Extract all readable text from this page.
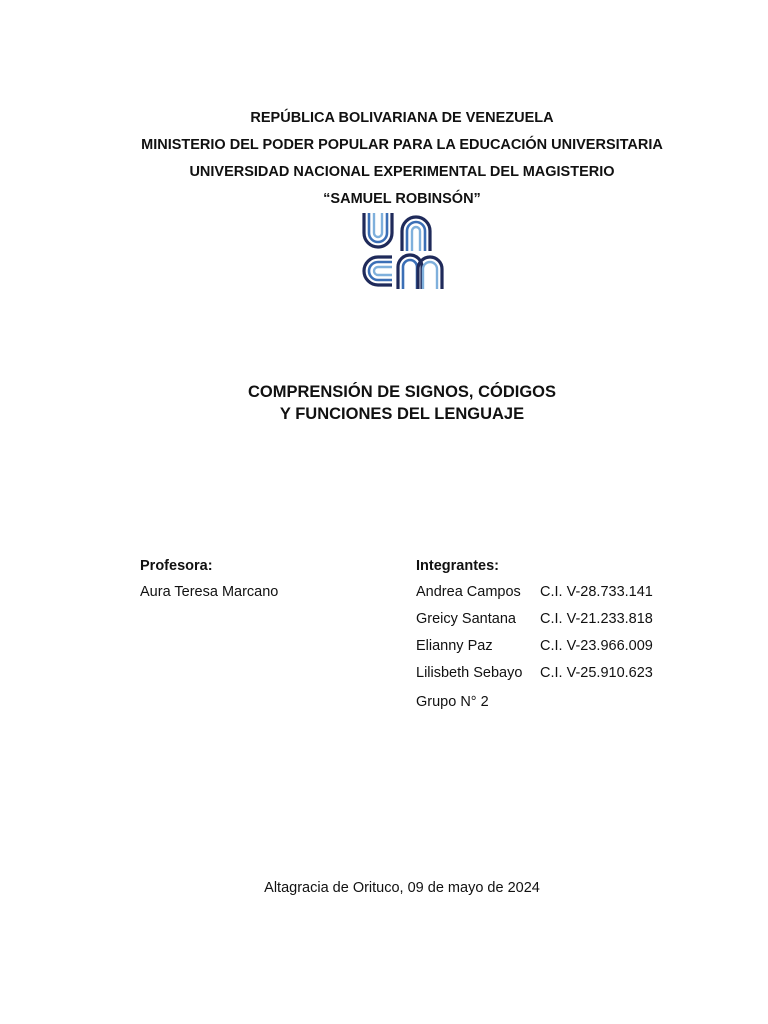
REPÚBLICA BOLIVARIANA DE VENEZUELA
MINISTERIO DEL PODER POPULAR PARA LA EDUCACIÓN UNIVERSITARIA
UNIVERSIDAD NACIONAL EXPERIMENTAL DEL MAGISTERIO
“SAMUEL ROBINSÓN”
COMPRENSIÓN DE SIGNOS, CÓDIGOS
Y FUNCIONES DEL LENGUAJE
Profesora:
Aura Teresa Marcano
Integrantes:
Andrea Campos	C.I. V-28.733.141
Greicy Santana	C.I. V-21.233.818
Elianny Paz	C.I. V-23.966.009
Lilisbeth Sebayo	C.I. V-25.910.623
Grupo N° 2
Altagracia de Orituco, 09 de mayo de 2024
